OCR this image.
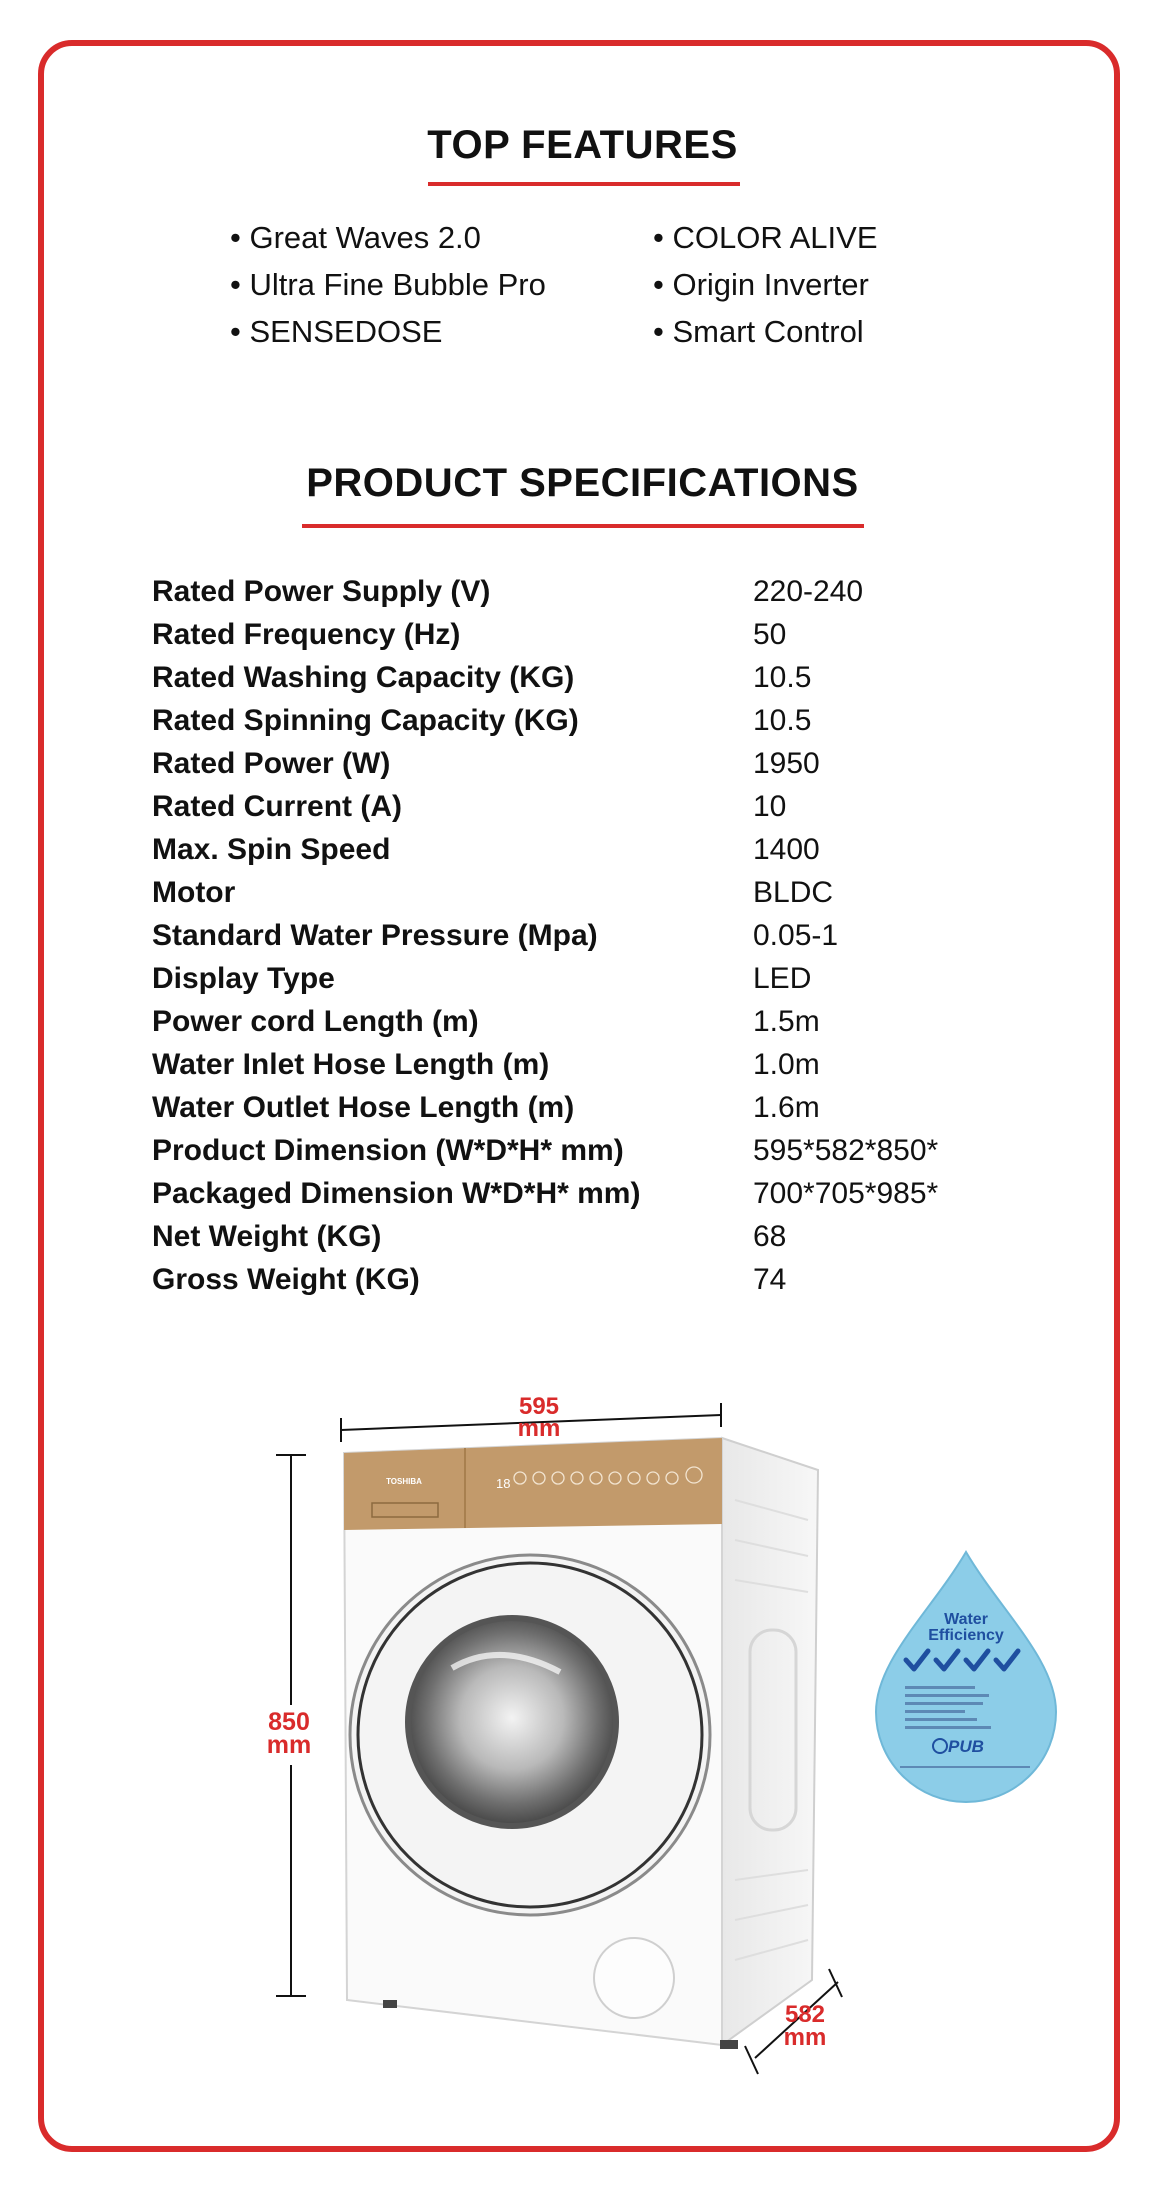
TOP FEATURES
• Great Waves 2.0
• Ultra Fine Bubble Pro
• SENSEDOSE
• COLOR ALIVE
• Origin Inverter
• Smart Control
PRODUCT SPECIFICATIONS
Rated Power Supply (V)	220-240
Rated Frequency (Hz)	50
Rated Washing Capacity (KG)	10.5
Rated Spinning Capacity (KG)	10.5
Rated Power (W)	1950
Rated Current (A)	10
Max. Spin Speed	1400
Motor	BLDC
Standard Water Pressure (Mpa)	0.05-1
Display Type	LED
Power cord Length (m)	1.5m
Water Inlet Hose Length (m)	1.0m
Water Outlet Hose Length (m)	1.6m
Product Dimension (W*D*H* mm)	595*582*850*
Packaged Dimension W*D*H* mm)	700*705*985*
Net Weight (KG)	68
Gross Weight (KG)	74
595
mm
850
mm
TOSHIBA	18
582
mm
Water
Efficiency
PUB
